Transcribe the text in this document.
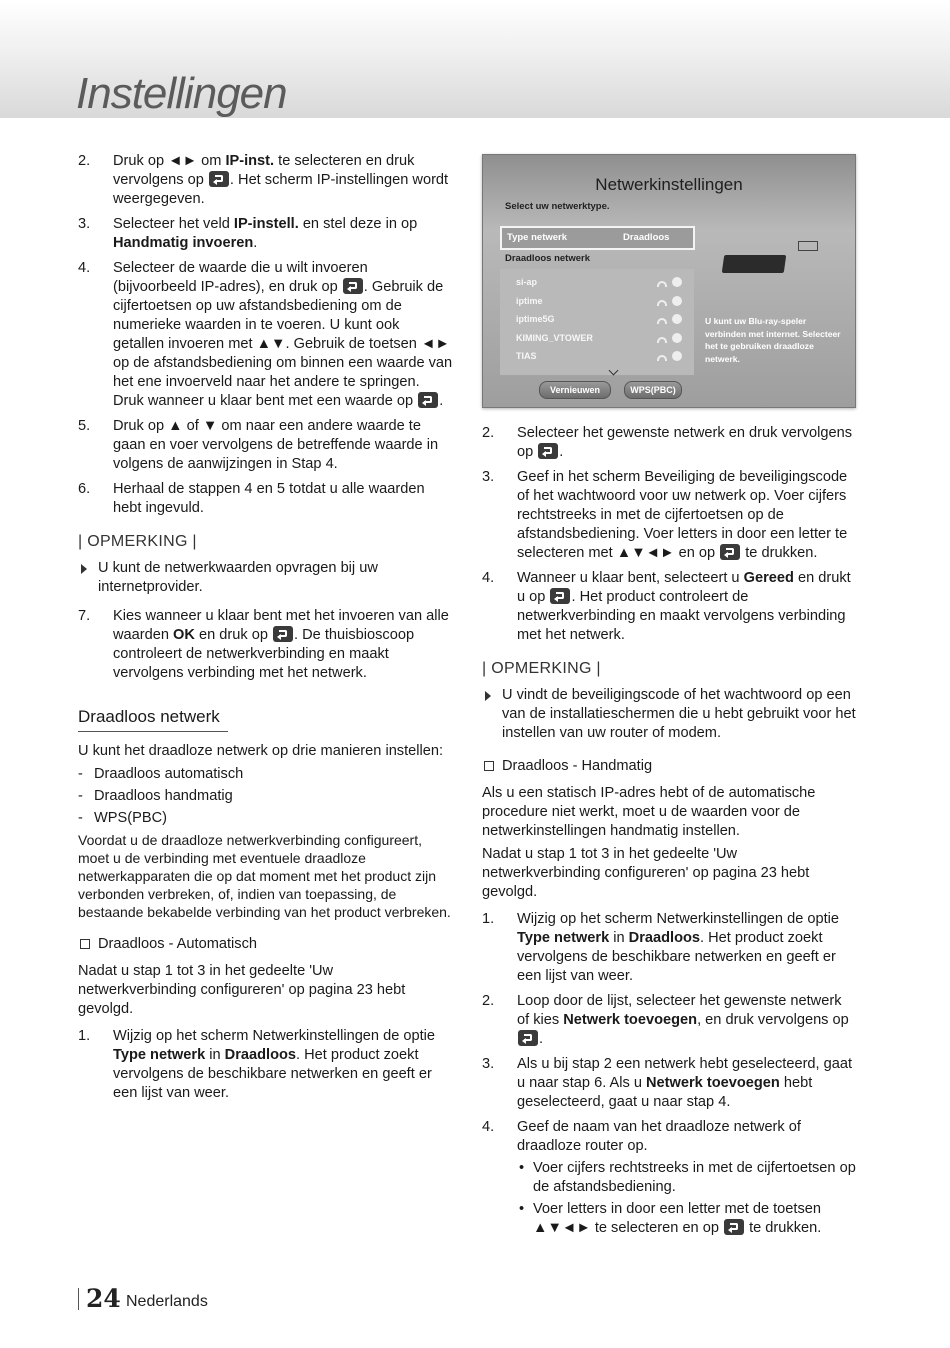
Instellingen
2. Druk op ◄► om IP-inst. te selecteren en druk vervolgens op . Het scherm IP-instellingen wordt weergegeven.
3. Selecteer het veld IP-instell. en stel deze in op Handmatig invoeren.
4. Selecteer de waarde die u wilt invoeren (bijvoorbeeld IP-adres), en druk op . Gebruik de cijfertoetsen op uw afstandsbediening om de numerieke waarden in te voeren. U kunt ook getallen invoeren met ▲▼. Gebruik de toetsen ◄► op de afstandsbediening om binnen een waarde van het ene invoerveld naar het andere te springen. Druk wanneer u klaar bent met een waarde op .
5. Druk op ▲ of ▼ om naar een andere waarde te gaan en voer vervolgens de betreffende waarde in volgens de aanwijzingen in Stap 4.
6. Herhaal de stappen 4 en 5 totdat u alle waarden hebt ingevuld.
| OPMERKING |
U kunt de netwerkwaarden opvragen bij uw internetprovider.
7. Kies wanneer u klaar bent met het invoeren van alle waarden OK en druk op . De thuisbioscoop controleert de netwerkverbinding en maakt vervolgens verbinding met het netwerk.
Draadloos netwerk

U kunt het draadloze netwerk op drie manieren instellen:

- Draadloos automatisch
- Draadloos handmatig
- WPS(PBC)

Voordat u de draadloze netwerkverbinding configureert, moet u de verbinding met eventuele draadloze netwerkapparaten die op dat moment met het product zijn verbonden verbreken, of, indien van toepassing, de bestaande bekabelde verbinding van het product verbreken.

Draadloos - Automatisch

Nadat u stap 1 tot 3 in het gedeelte 'Uw netwerkverbinding configureren' op pagina 23 hebt gevolgd.

1. Wijzig op het scherm Netwerkinstellingen de optie Type netwerk in Draadloos. Het product zoekt vervolgens de beschikbare netwerken en geeft er een lijst van weer.
Netwerkinstellingen
Select uw netwerktype.
Type netwerk	Draadloos
Draadloos netwerk
si-ap
iptime
iptime5G
KIMING_VTOWER
TIAS
Vernieuwen	WPS(PBC)
U kunt uw Blu-ray-speler verbinden met internet. Selecteer het te gebruiken draadloze netwerk.
2. Selecteer het gewenste netwerk en druk vervolgens op .
3. Geef in het scherm Beveiliging de beveiligingscode of het wachtwoord voor uw netwerk op. Voer cijfers rechtstreeks in met de cijfertoetsen op de afstandsbediening. Voer letters in door een letter te selecteren met ▲▼◄► en op  te drukken.
4. Wanneer u klaar bent, selecteert u Gereed en drukt u op . Het product controleert de netwerkverbinding en maakt vervolgens verbinding met het netwerk.
| OPMERKING |
U vindt de beveiligingscode of het wachtwoord op een van de installatieschermen die u hebt gebruikt voor het instellen van uw router of modem.
Draadloos - Handmatig

Als u een statisch IP-adres hebt of de automatische procedure niet werkt, moet u de waarden voor de netwerkinstellingen handmatig instellen.

Nadat u stap 1 tot 3 in het gedeelte 'Uw netwerkverbinding configureren' op pagina 23 hebt gevolgd.

1. Wijzig op het scherm Netwerkinstellingen de optie Type netwerk in Draadloos. Het product zoekt vervolgens de beschikbare netwerken en geeft er een lijst van weer.
2. Loop door de lijst, selecteer het gewenste netwerk of kies Netwerk toevoegen, en druk vervolgens op .
3. Als u bij stap 2 een netwerk hebt geselecteerd, gaat u naar stap 6. Als u Netwerk toevoegen hebt geselecteerd, gaat u naar stap 4.
4. Geef de naam van het draadloze netwerk of draadloze router op.
• Voer cijfers rechtstreeks in met de cijfertoetsen op de afstandsbediening.
• Voer letters in door een letter met de toetsen ▲▼◄► te selecteren en op  te drukken.
24 Nederlands
